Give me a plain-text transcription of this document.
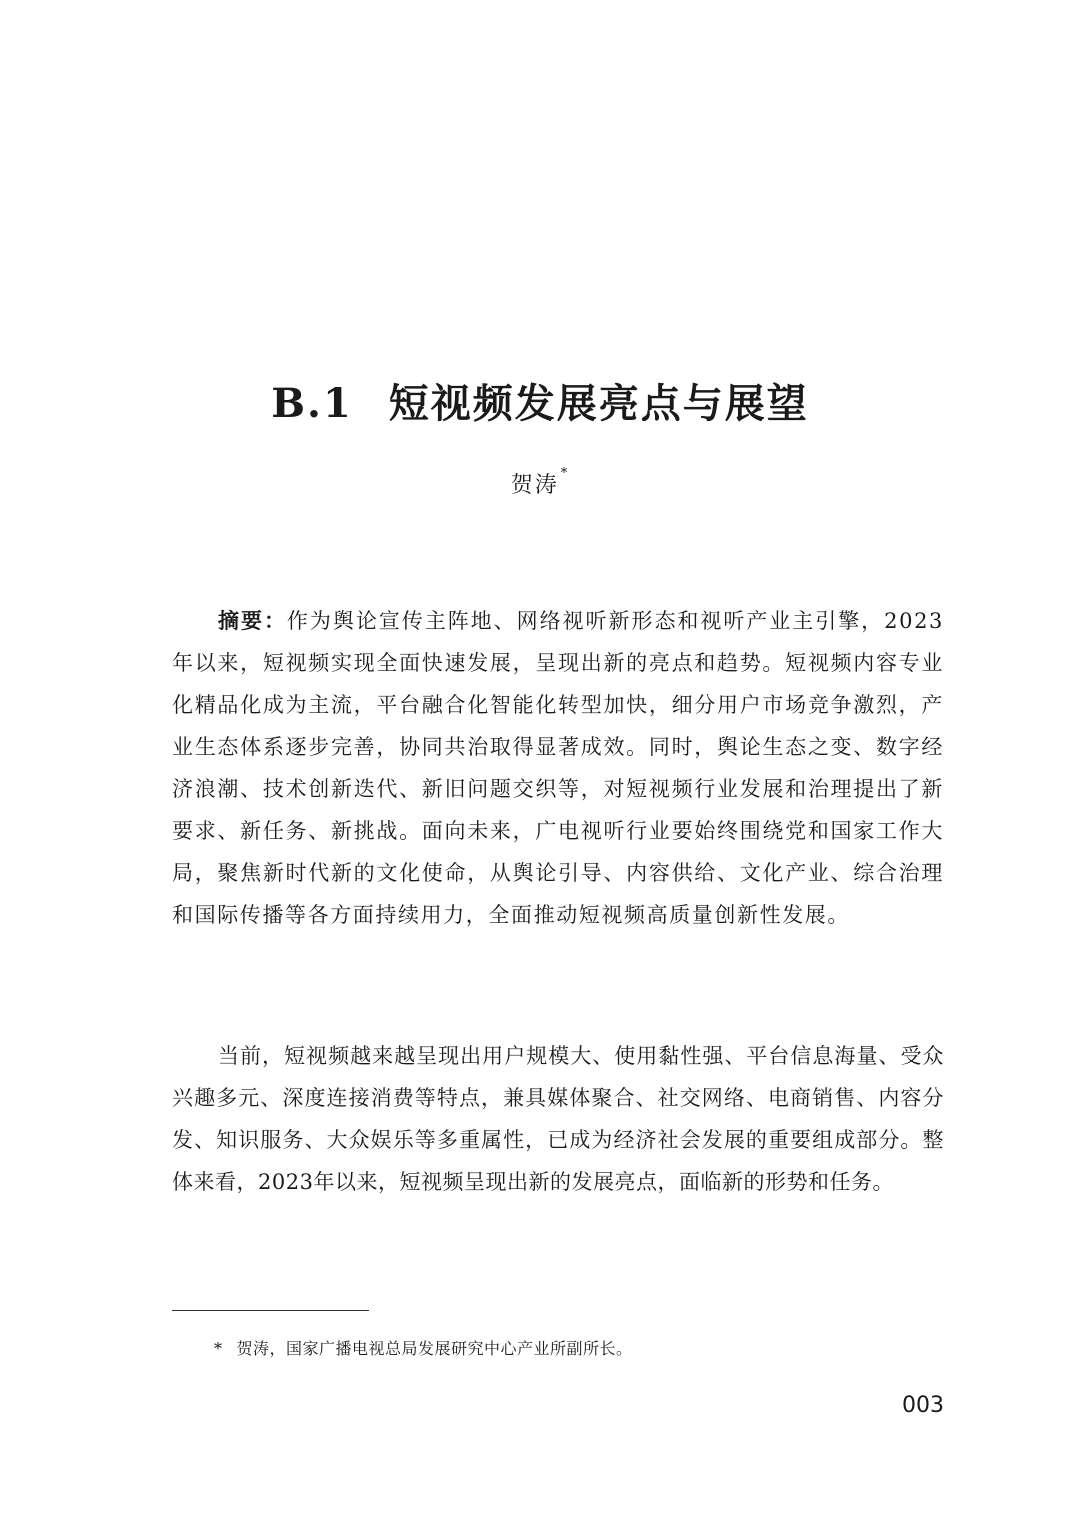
B.1 短视频发展亮点与展望
贺涛 *

摘要：作为舆论宣传主阵地、网络视听新形态和视听产业主引擎，2023年以来，短视频实现全面快速发展，呈现出新的亮点和趋势。短视频内容专业化精品化成为主流，平台融合化智能化转型加快，细分用户市场竞争激烈，产业生态体系逐步完善，协同共治取得显著成效。同时，舆论生态之变、数字经济浪潮、技术创新迭代、新旧问题交织等，对短视频行业发展和治理提出了新要求、新任务、新挑战。面向未来，广电视听行业要始终围绕党和国家工作大局，聚焦新时代新的文化使命，从舆论引导、内容供给、文化产业、综合治理和国际传播等各方面持续用力，全面推动短视频高质量创新性发展。

当前，短视频越来越呈现出用户规模大、使用黏性强、平台信息海量、受众兴趣多元、深度连接消费等特点，兼具媒体聚合、社交网络、电商销售、内容分发、知识服务、大众娱乐等多重属性，已成为经济社会发展的重要组成部分。整体来看，2023年以来，短视频呈现出新的发展亮点，面临新的形势和任务。

* 贺涛，国家广播电视总局发展研究中心产业所副所长。

003
